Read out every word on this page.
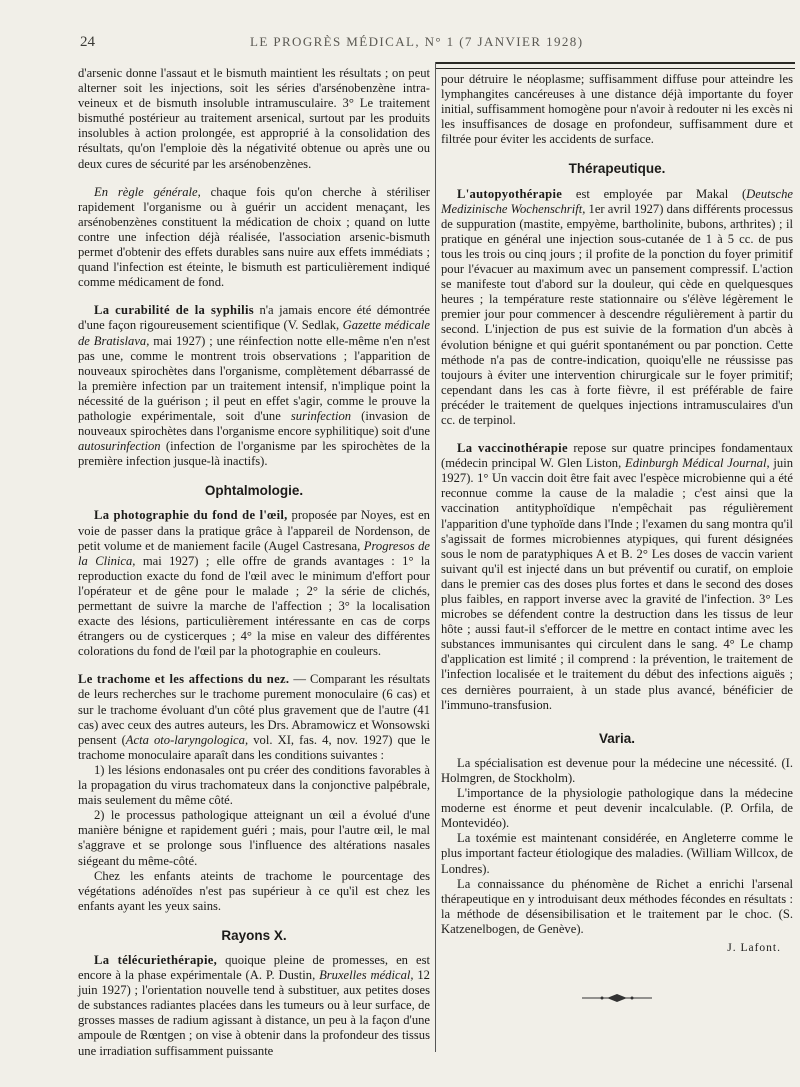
24	LE PROGRÈS MÉDICAL, N° 1 (7 JANVIER 1928)

d'arsenic donne l'assaut et le bismuth maintient les résultats ; on peut alterner soit les injections, soit les séries d'arsénobenzène intra-veineux et de bismuth insoluble intramusculaire. 3° Le traitement bismuthé postérieur au traitement arsenical, surtout par les produits insolubles à action prolongée, est approprié à la consolidation des résultats, qu'on l'emploie dès la négativité obtenue ou après une ou deux cures de sécurité par les arsénobenzènes.

En règle générale, chaque fois qu'on cherche à stériliser rapidement l'organisme ou à guérir un accident menaçant, les arsénobenzènes constituent la médication de choix ; quand on lutte contre une infection déjà réalisée, l'association arsenic-bismuth permet d'obtenir des effets durables sans nuire aux effets immédiats ; quand l'infection est éteinte, le bismuth est particulièrement indiqué comme médicament de fond.

La curabilité de la syphilis n'a jamais encore été démontrée d'une façon rigoureusement scientifique (V. Sedlak, Gazette médicale de Bratislava, mai 1927) ; une réinfection notte elle-même n'en n'est pas une, comme le montrent trois observations ; l'apparition de nouveaux spirochètes dans l'organisme, complètement débarrassé de la première infection par un traitement intensif, n'implique point la nécessité de la guérison ; il peut en effet s'agir, comme le prouve la pathologie expérimentale, soit d'une surinfection (invasion de nouveaux spirochètes dans l'organisme encore syphilitique) soit d'une autosurinfection (infection de l'organisme par les spirochètes de la première infection jusque-là inactifs).

Ophtalmologie.

La photographie du fond de l'œil, proposée par Noyes, est en voie de passer dans la pratique grâce à l'appareil de Nordenson, de petit volume et de maniement facile (Augel Castresana, Progresos de la Clinica, mai 1927) ; elle offre de grands avantages : 1° la reproduction exacte du fond de l'œil avec le minimum d'effort pour l'opérateur et de gêne pour le malade ; 2° la série de clichés, permettant de suivre la marche de l'affection ; 3° la localisation exacte des lésions, particulièrement intéressante en cas de corps étrangers ou de cysticerques ; 4° la mise en valeur des différentes colorations du fond de l'œil par la photographie en couleurs.

Le trachome et les affections du nez. — Comparant les résultats de leurs recherches sur le trachome purement monoculaire (6 cas) et sur le trachome évoluant d'un côté plus gravement que de l'autre (41 cas) avec ceux des autres auteurs, les Drs. Abramowicz et Wonsowski pensent (Acta oto-laryngologica, vol. XI, fas. 4, nov. 1927) que le trachome monoculaire aparaît dans les conditions suivantes :

1) les lésions endonasales ont pu créer des conditions favorables à la propagation du virus trachomateux dans la conjonctive palpébrale, mais seulement du même côté.

2) le processus pathologique atteignant un œil a évolué d'une manière bénigne et rapidement guéri ; mais, pour l'autre œil, le mal s'aggrave et se prolonge sous l'influence des altérations nasales siégeant du même-côté.

Chez les enfants ateints de trachome le pourcentage des végétations adénoïdes n'est pas supérieur à ce qu'il est chez les enfants ayant les yeux sains.

Rayons X.

La télécuriethérapie, quoique pleine de promesses, en est encore à la phase expérimentale (A. P. Dustin, Bruxelles médical, 12 juin 1927) ; l'orientation nouvelle tend à substituer, aux petites doses de substances radiantes placées dans les tumeurs ou à leur surface, de grosses masses de radium agissant à distance, un peu à la façon d'une ampoule de Rœntgen ; on vise à obtenir dans la profondeur des tissus une irradiation suffisamment puissante

pour détruire le néoplasme; suffisamment diffuse pour atteindre les lymphangites cancéreuses à une distance déjà importante du foyer initial, suffisamment homogène pour n'avoir à redouter ni les excès ni les insuffisances de dosage en profondeur, suffisamment dure et filtrée pour éviter les accidents de surface.

Thérapeutique.

L'autopyothérapie est employée par Makal (Deutsche Medizinische Wochenschrift, 1er avril 1927) dans différents processus de suppuration (mastite, empyème, bartholinite, bubons, arthrites) ; il pratique en général une injection sous-cutanée de 1 à 5 cc. de pus tous les trois ou cinq jours ; il profite de la ponction du foyer primitif pour l'évacuer au maximum avec un pansement compressif. L'action se manifeste tout d'abord sur la douleur, qui cède en quelquesques heures ; la température reste stationnaire ou s'élève légèrement le premier jour pour commencer à descendre régulièrement à partir du second. L'injection de pus est suivie de la formation d'un abcès à évolution bénigne et qui guérit spontanément ou par ponction. Cette méthode n'a pas de contre-indication, quoiqu'elle ne réussisse pas toujours à éviter une intervention chirurgicale sur le foyer primitif; cependant dans les cas à forte fièvre, il est préférable de faire précéder le traitement de quelques injections intramusculaires d'un cc. de terpinol.

La vaccinothérapie repose sur quatre principes fondamentaux (médecin principal W. Glen Liston, Edinburgh Médical Journal, juin 1927). 1° Un vaccin doit être fait avec l'espèce microbienne qui a été reconnue comme la cause de la maladie ; c'est ainsi que la vaccination antityphoïdique n'empêchait pas régulièrement l'apparition d'une typhoïde dans l'Inde ; l'examen du sang montra qu'il s'agissait de formes microbiennes atypiques, qui furent désignées sous le nom de paratyphiques A et B. 2° Les doses de vaccin varient suivant qu'il est injecté dans un but préventif ou curatif, on emploie dans le premier cas des doses plus fortes et dans le second des doses plus faibles, en rapport inverse avec la gravité de l'infection. 3° Les microbes se défendent contre la destruction dans les tissus de leur hôte ; aussi faut-il s'efforcer de le mettre en contact intime avec les substances immunisantes qui circulent dans le sang. 4° Le champ d'application est limité ; il comprend : la prévention, le traitement de l'infection localisée et le traitement du début des infections aiguës ; ces dernières pourraient, à un stade plus avancé, bénéficier de l'immuno-transfusion.

Varia.

La spécialisation est devenue pour la médecine une nécessité. (I. Holmgren, de Stockholm).

L'importance de la physiologie pathologique dans la médecine moderne est énorme et peut devenir incalculable. (P. Orfila, de Montevidéo).

La toxémie est maintenant considérée, en Angleterre comme le plus important facteur étiologique des maladies. (William Willcox, de Londres).

La connaissance du phénomène de Richet a enrichi l'arsenal thérapeutique en y introduisant deux méthodes fécondes en résultats : la méthode de désensibilisation et le traitement par le choc. (S. Katzenelbogen, de Genève).

J. Lafont.
